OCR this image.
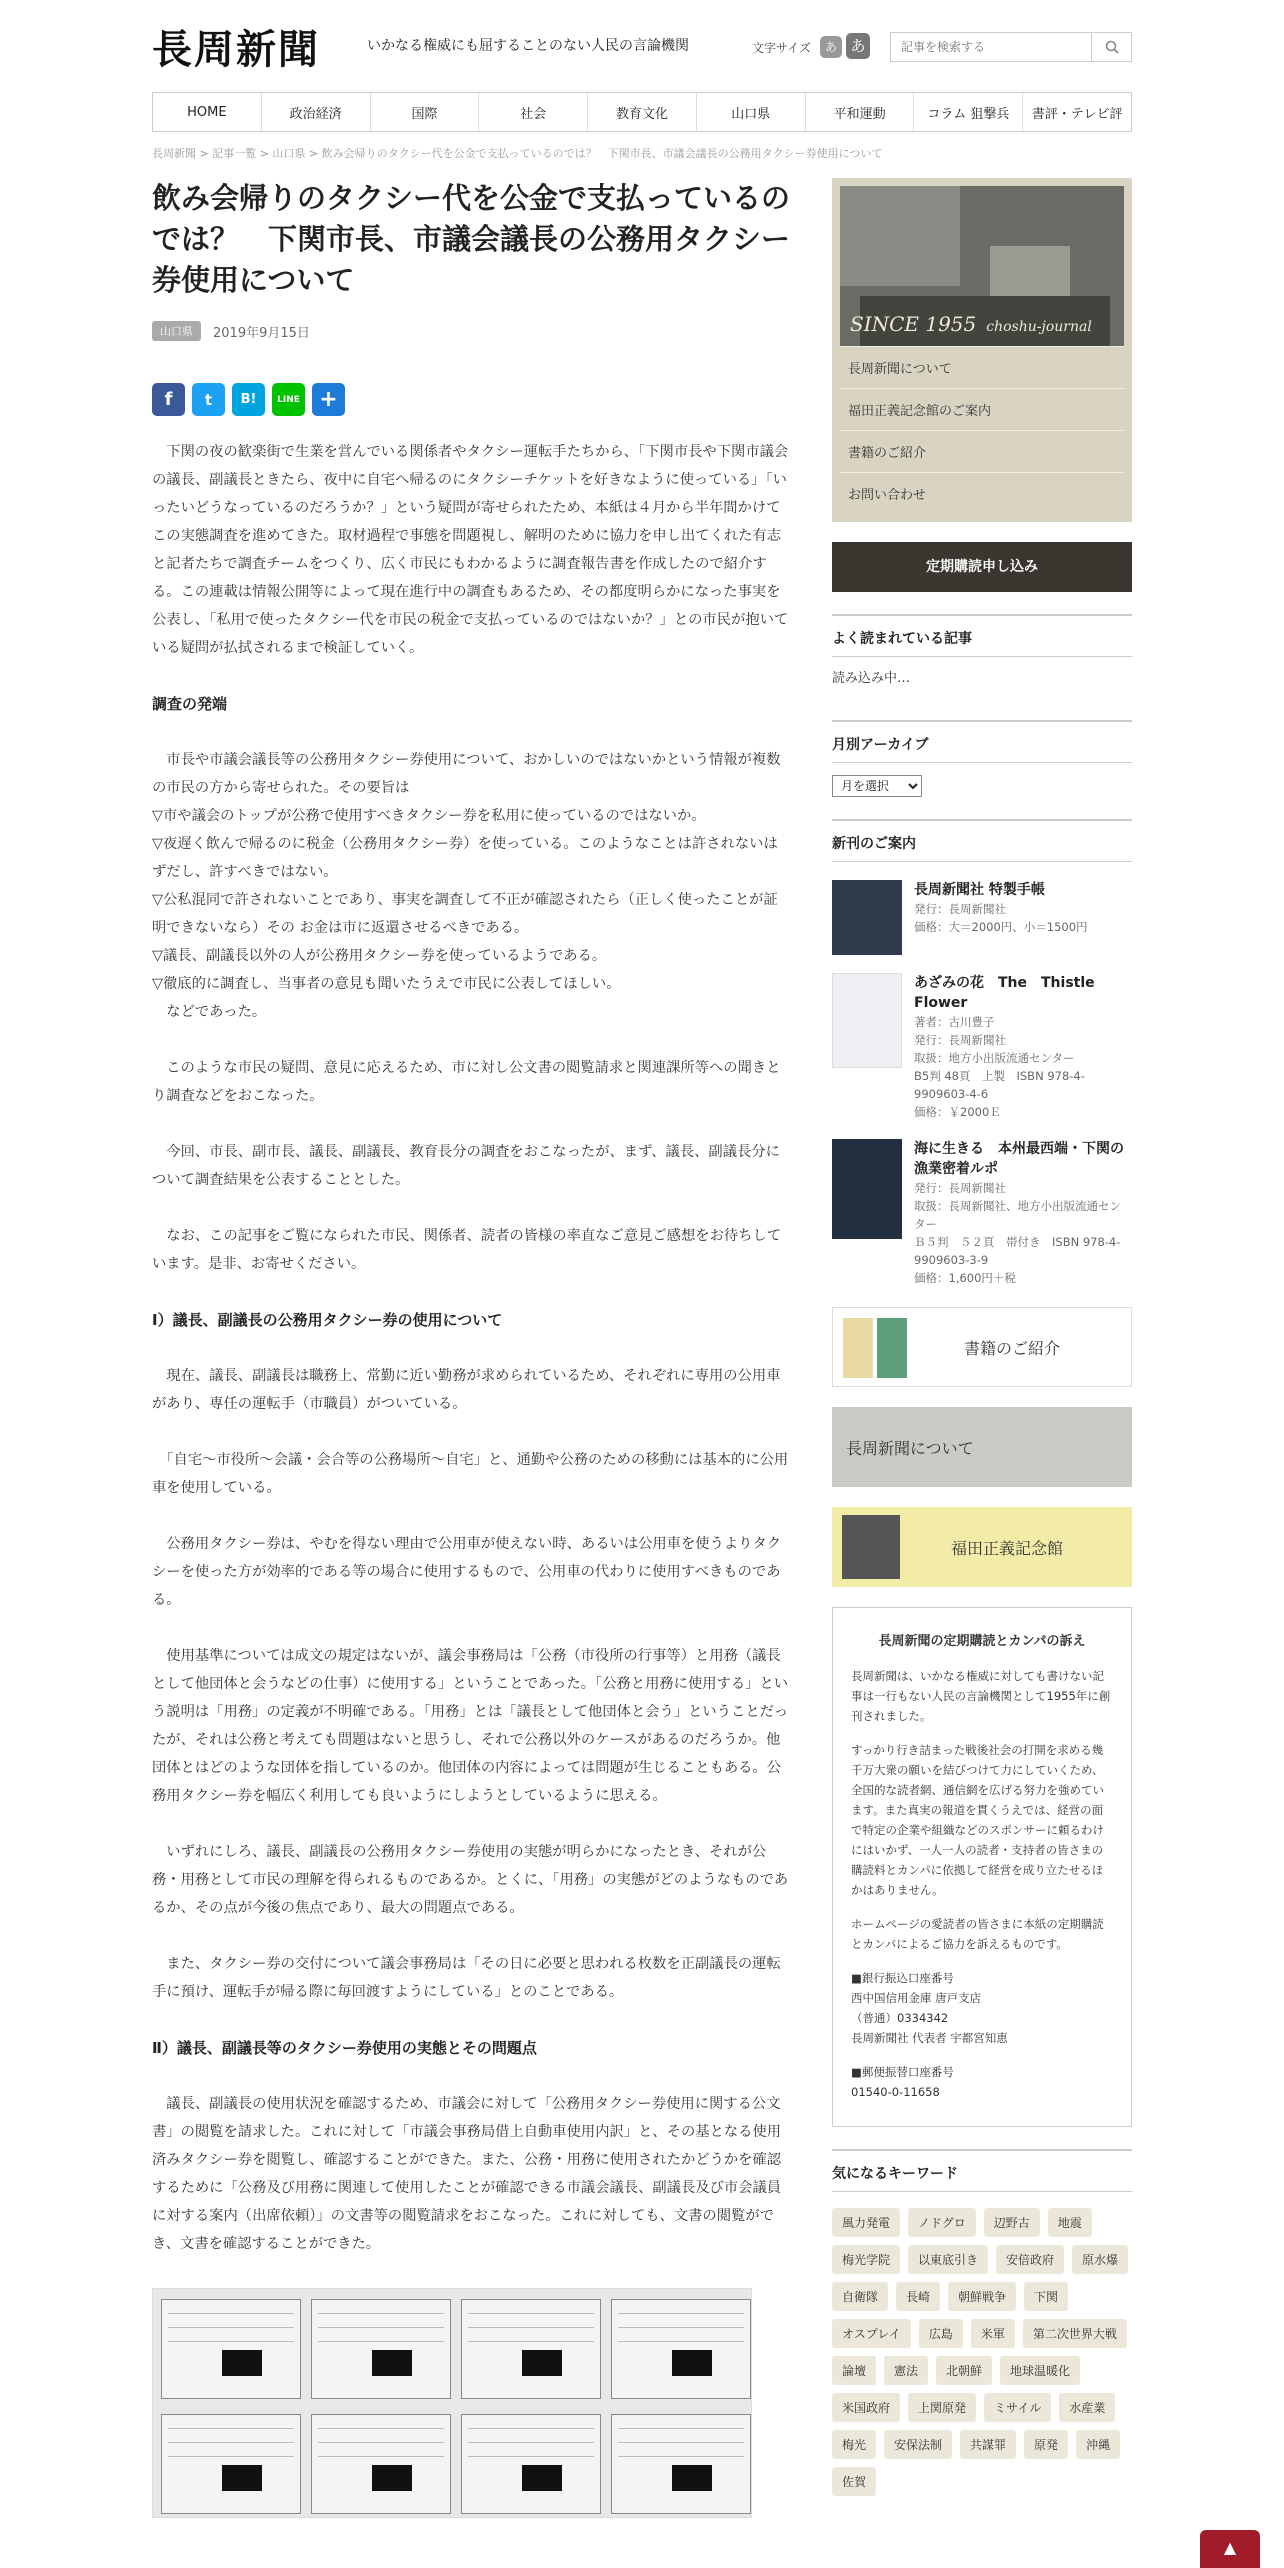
長周新聞	いかなる権威にも屈することのない人民の言論機関	文字サイズ	あ あ
記事を検索する
HOME	政治経済	国際	社会	教育文化	山口県	平和運動	コラム 狙撃兵	書評・テレビ評
長周新聞 > 記事一覧 > 山口県 > 飲み会帰りのタクシー代を公金で支払っているのでは？　下関市長、市議会議長の公務用タクシー券使用について
飲み会帰りのタクシー代を公金で支払っているのでは？　下関市長、市議会議長の公務用タクシー券使用について
山口県	2019年9月15日
f	t	B!	LINE +

　下関の夜の歓楽街で生業を営んでいる関係者やタクシー運転手たちから、「下関市長や下関市議会の議長、副議長ときたら、夜中に自宅へ帰るのにタクシーチケットを好きなように使っている」「いったいどうなっているのだろうか？」という疑問が寄せられたため、本紙は４月から半年間かけてこの実態調査を進めてきた。取材過程で事態を問題視し、解明のために協力を申し出てくれた有志と記者たちで調査チームをつくり、広く市民にもわかるように調査報告書を作成したので紹介する。この連載は情報公開等によって現在進行中の調査もあるため、その都度明らかになった事実を公表し、「私用で使ったタクシー代を市民の税金で支払っているのではないか？」との市民が抱いている疑問が払拭されるまで検証していく。

調査の発端

　市長や市議会議長等の公務用タクシー券使用について、おかしいのではないかという情報が複数の市民の方から寄せられた。その要旨は

▽市や議会のトップが公務で使用すべきタクシー券を私用に使っているのではないか。

▽夜遅く飲んで帰るのに税金（公務用タクシー券）を使っている。このようなことは許されないはずだし、許すべきではない。

▽公私混同で許されないことであり、事実を調査して不正が確認されたら（正しく使ったことが証明できないなら）その お金は市に返還させるべきである。

▽議長、副議長以外の人が公務用タクシー券を使っているようである。

▽徹底的に調査し、当事者の意見も聞いたうえで市民に公表してほしい。

　などであった。

　このような市民の疑問、意見に応えるため、市に対し公文書の閲覧請求と関連課所等への聞きとり調査などをおこなった。

　今回、市長、副市長、議長、副議長、教育長分の調査をおこなったが、まず、議長、副議長分について調査結果を公表することとした。

　なお、この記事をご覧になられた市民、関係者、読者の皆様の率直なご意見ご感想をお待ちしています。是非、お寄せください。

Ⅰ）議長、副議長の公務用タクシー券の使用について

　現在、議長、副議長は職務上、常勤に近い勤務が求められているため、それぞれに専用の公用車があり、専任の運転手（市職員）がついている。

　「自宅～市役所～会議・会合等の公務場所～自宅」と、通勤や公務のための移動には基本的に公用車を使用している。

　公務用タクシー券は、やむを得ない理由で公用車が使えない時、あるいは公用車を使うよりタクシーを使った方が効率的である等の場合に使用するもので、公用車の代わりに使用すべきものである。

　使用基準については成文の規定はないが、議会事務局は「公務（市役所の行事等）と用務（議長として他団体と会うなどの仕事）に使用する」ということであった。「公務と用務に使用する」という説明は「用務」の定義が不明確である。「用務」とは「議長として他団体と会う」ということだったが、それは公務と考えても問題はないと思うし、それで公務以外のケースがあるのだろうか。他団体とはどのような団体を指しているのか。他団体の内容によっては問題が生じることもある。公務用タクシー券を幅広く利用しても良いようにしようとしているように思える。

　いずれにしろ、議長、副議長の公務用タクシー券使用の実態が明らかになったとき、それが公務・用務として市民の理解を得られるものであるか。とくに、「用務」の実態がどのようなものであるか、その点が今後の焦点であり、最大の問題点である。

　また、タクシー券の交付について議会事務局は「その日に必要と思われる枚数を正副議長の運転手に預け、運転手が帰る際に毎回渡すようにしている」とのことである。

Ⅱ）議長、副議長等のタクシー券使用の実態とその問題点

　議長、副議長の使用状況を確認するため、市議会に対して「公務用タクシー券使用に関する公文書」の閲覧を請求した。これに対して「市議会事務局借上自動車使用内訳」と、その基となる使用済みタクシー券を閲覧し、確認することができた。また、公務・用務に使用されたかどうかを確認するために「公務及び用務に関連して使用したことが確認できる市議会議長、副議長及び市会議員に対する案内（出席依頼）」の文書等の閲覧請求をおこなった。これに対しても、文書の閲覧ができ、文書を確認することができた。

SINCE 1955 choshu-journal
長周新聞について
福田正義記念館のご案内
書籍のご紹介
お問い合わせ
定期購読申し込み
よく読まれている記事
読み込み中…
月別アーカイブ
月を選択
新刊のご案内
長周新聞社 特製手帳
発行：長周新聞社
価格：大＝2000円、小＝1500円
あざみの花　The　Thistle Flower
著者：古川豊子
発行：長周新聞社
取扱：地方小出版流通センター
B5判 48頁　上製　ISBN 978-4-9909603-4-6
価格：￥2000Ｅ
海に生きる　本州最西端・下関の漁業密着ルポ
発行：長周新聞社
取扱：長周新聞社、地方小出版流通センター
Ｂ５判　５２頁　帯付き　ISBN 978-4-9909603-3-9
価格：1,600円＋税
書籍のご紹介
長周新聞について
福田正義記念館
長周新聞の定期購読とカンパの訴え

長周新聞は、いかなる権威に対しても書けない記事は一行もない人民の言論機関として1955年に創刊されました。

すっかり行き詰まった戦後社会の打開を求める幾千万大衆の願いを結びつけて力にしていくため、全国的な読者網、通信網を広げる努力を強めています。また真実の報道を貫くうえでは、経営の面で特定の企業や組織などのスポンサーに頼るわけにはいかず、一人一人の読者・支持者の皆さまの購読料とカンパに依拠して経営を成り立たせるほかはありません。

ホームページの愛読者の皆さまに本紙の定期購読とカンパによるご協力を訴えるものです。

■銀行振込口座番号
西中国信用金庫 唐戸支店
（普通）0334342
長周新聞社 代表者 宇都宮知恵
■郵便振替口座番号
01540-0-11658
気になるキーワード
風力発電	ノドグロ	辺野古	地震
梅光学院	以東底引き	安倍政府	原水爆
自衛隊	長崎	朝鮮戦争	下関
オスプレイ	広島	米軍	第二次世界大戦
論壇	憲法	北朝鮮	地球温暖化
米国政府	上関原発	ミサイル	水産業
梅光	安保法制	共謀罪	原発	沖縄
佐賀
▲
